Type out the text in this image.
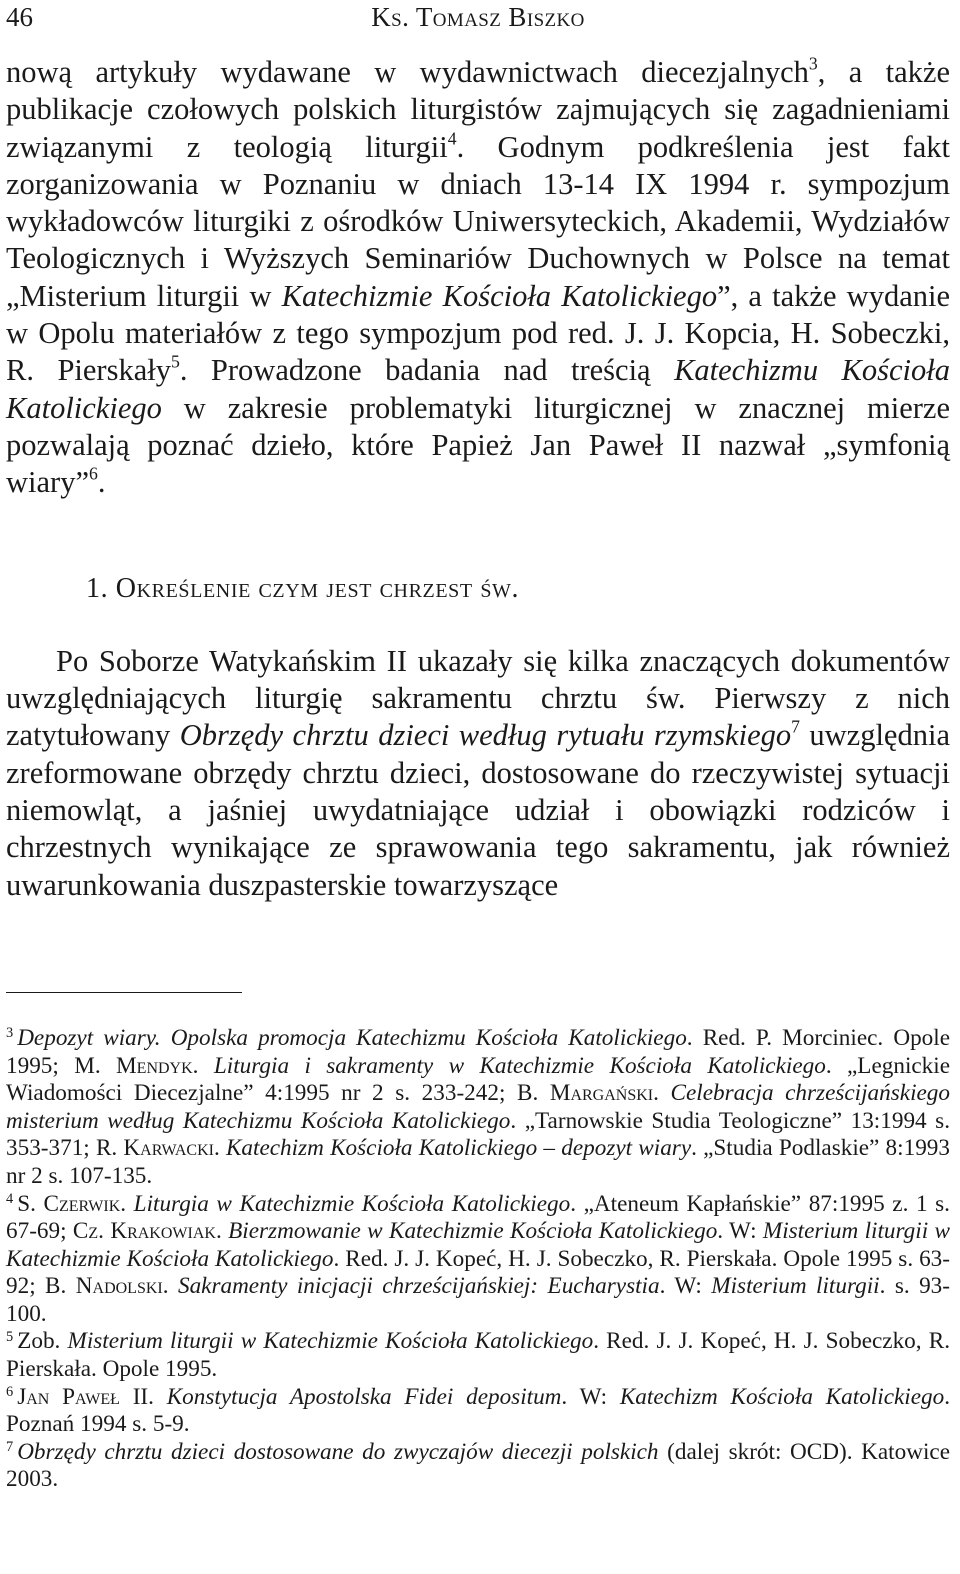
46	Ks. Tomasz Biszko

nową artykuły wydawane w wydawnictwach diecezjalnych$^3$, a także publikacje czołowych polskich liturgistów zajmujących się zagadnieniami związanymi z teologią liturgii$^4$. Godnym podkreślenia jest fakt zorganizowania w Poznaniu w dniach 13-14 IX 1994 r. sympozjum wykładowców liturgiki z ośrodków Uniwersyteckich, Akademii, Wydziałów Teologicznych i Wyższych Seminariów Duchownych w Polsce na temat „Misterium liturgii w Katechizmie Kościoła Katolickiego”, a także wydanie w Opolu materiałów z tego sympozjum pod red. J. J. Kopcia, H. Sobeczki, R. Pierskały$^5$. Prowadzone badania nad treścią Katechizmu Kościoła Katolickiego w zakresie problematyki liturgicznej w znacznej mierze pozwalają poznać dzieło, które Papież Jan Paweł II nazwał „symfonią wiary”$^6$.

1. Określenie czym jest chrzest św.

Po Soborze Watykańskim II ukazały się kilka znaczących dokumentów uwzględniających liturgię sakramentu chrztu św. Pierwszy z nich zatytułowany Obrzędy chrztu dzieci według rytuału rzymskiego$^7$ uwzględnia zreformowane obrzędy chrztu dzieci, dostosowane do rzeczywistej sytuacji niemowląt, a jaśniej uwydatniające udział i obowiązki rodziców i chrzestnych wynikające ze sprawowania tego sakramentu, jak również uwarunkowania duszpasterskie towarzyszące

$^3$ Depozyt wiary. Opolska promocja Katechizmu Kościoła Katolickiego. Red. P. Morciniec. Opole 1995; M. Mendyk. Liturgia i sakramenty w Katechizmie Kościoła Katolickiego. „Legnickie Wiadomości Diecezjalne” 4:1995 nr 2 s. 233-242; B. Margański. Celebracja chrześcijańskiego misterium według Katechizmu Kościoła Katolickiego. „Tarnowskie Studia Teologiczne” 13:1994 s. 353-371; R. Karwacki. Katechizm Kościoła Katolickiego – depozyt wiary. „Studia Podlaskie” 8:1993 nr 2 s. 107-135.

$^4$ S. Czerwik. Liturgia w Katechizmie Kościoła Katolickiego. „Ateneum Kapłańskie” 87:1995 z. 1 s. 67-69; Cz. Krakowiak. Bierzmowanie w Katechizmie Kościoła Katolickiego. W: Misterium liturgii w Katechizmie Kościoła Katolickiego. Red. J. J. Kopeć, H. J. Sobeczko, R. Pierskała. Opole 1995 s. 63-92; B. Nadolski. Sakramenty inicjacji chrześcijańskiej: Eucharystia. W: Misterium liturgii. s. 93-100.

$^5$ Zob. Misterium liturgii w Katechizmie Kościoła Katolickiego. Red. J. J. Kopeć, H. J. Sobeczko, R. Pierskała. Opole 1995.

$^6$ Jan Paweł II. Konstytucja Apostolska Fidei depositum. W: Katechizm Kościoła Katolickiego. Poznań 1994 s. 5-9.

$^7$ Obrzędy chrztu dzieci dostosowane do zwyczajów diecezji polskich (dalej skrót: OCD). Katowice 2003.
